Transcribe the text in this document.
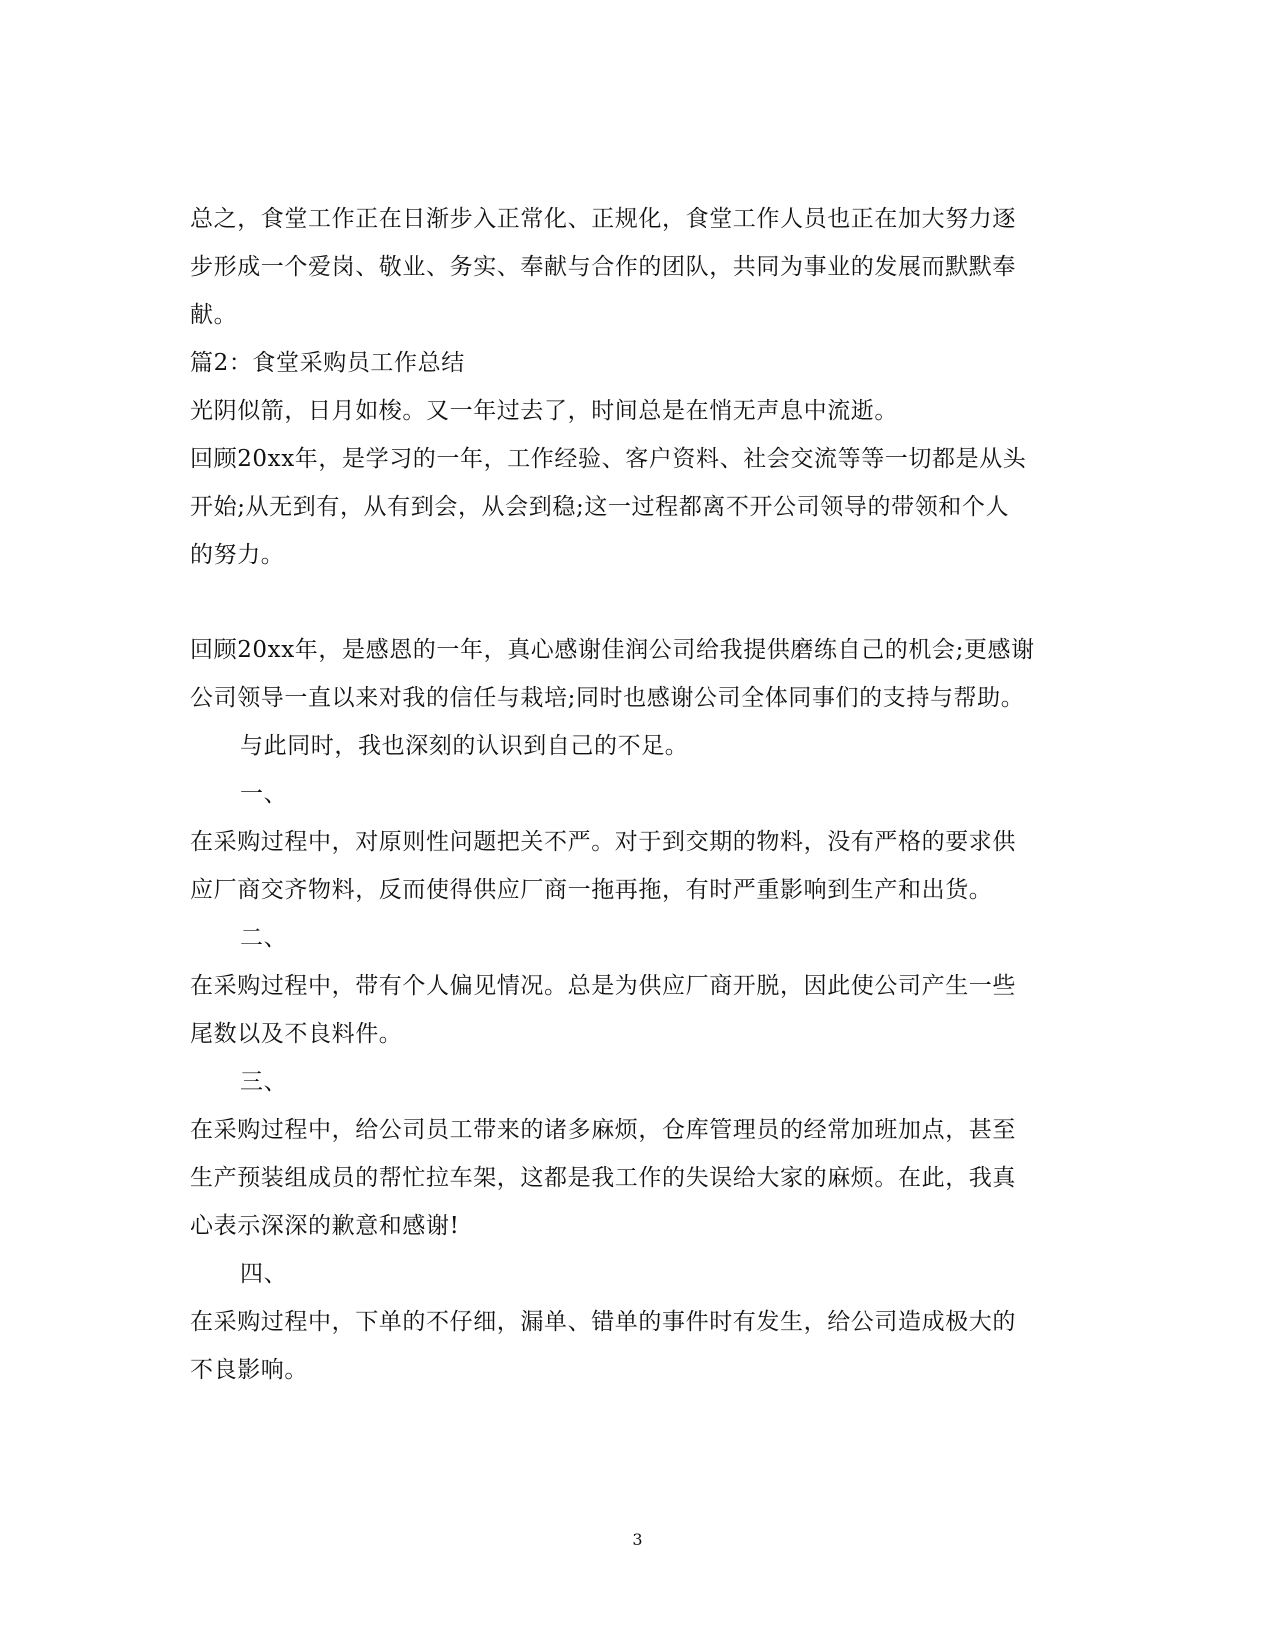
总之，食堂工作正在日渐步入正常化、正规化，食堂工作人员也正在加大努力逐
步形成一个爱岗、敬业、务实、奉献与合作的团队，共同为事业的发展而默默奉
献。
篇2：食堂采购员工作总结
光阴似箭，日月如梭。又一年过去了，时间总是在悄无声息中流逝。
回顾20xx年，是学习的一年，工作经验、客户资料、社会交流等等一切都是从头
开始;从无到有，从有到会，从会到稳;这一过程都离不开公司领导的带领和个人
的努力。
回顾20xx年，是感恩的一年，真心感谢佳润公司给我提供磨练自己的机会;更感谢
公司领导一直以来对我的信任与栽培;同时也感谢公司全体同事们的支持与帮助。
与此同时，我也深刻的认识到自己的不足。
一、
在采购过程中，对原则性问题把关不严。对于到交期的物料，没有严格的要求供
应厂商交齐物料，反而使得供应厂商一拖再拖，有时严重影响到生产和出货。
二、
在采购过程中，带有个人偏见情况。总是为供应厂商开脱，因此使公司产生一些
尾数以及不良料件。
三、
在采购过程中，给公司员工带来的诸多麻烦，仓库管理员的经常加班加点，甚至
生产预装组成员的帮忙拉车架，这都是我工作的失误给大家的麻烦。在此，我真
心表示深深的歉意和感谢!
四、
在采购过程中，下单的不仔细，漏单、错单的事件时有发生，给公司造成极大的
不良影响。
3
